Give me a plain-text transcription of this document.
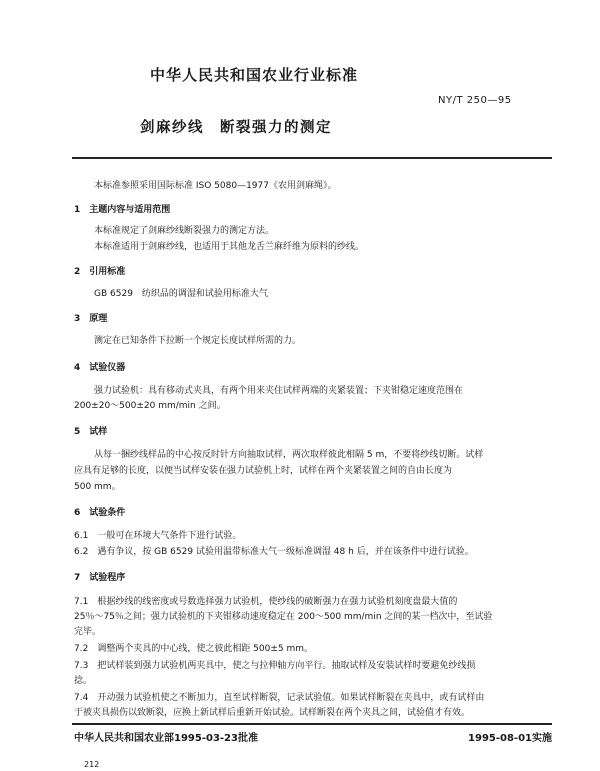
中华人民共和国农业行业标准
NY/T 250—95
剑麻纱线　断裂强力的测定
本标准参照采用国际标准 ISO 5080—1977《农用剑麻绳》。
1　主题内容与适用范围
本标准规定了剑麻纱线断裂强力的测定方法。
本标准适用于剑麻纱线，也适用于其他龙舌兰麻纤维为原料的纱线。
2　引用标准
GB 6529　纺织品的调湿和试验用标准大气
3　原理
测定在已知条件下拉断一个规定长度试样所需的力。
4　试验仪器
强力试验机：具有移动式夹具，有两个用来夹住试样两端的夹紧装置；下夹钳稳定速度范围在
200±20～500±20 mm/min 之间。
5　试样
从每一捆纱线样品的中心按反时针方向抽取试样，两次取样彼此相隔 5 m，不要将纱线切断。试样
应具有足够的长度，以便当试样安装在强力试验机上时，试样在两个夹紧装置之间的自由长度为
500 mm。
6　试验条件
6.1　一般可在环境大气条件下进行试验。
6.2　遇有争议，按 GB 6529 试验用温带标准大气一级标准调湿 48 h 后，并在该条件中进行试验。
7　试验程序
7.1　根据纱线的线密度或号数选择强力试验机，使纱线的破断强力在强力试验机刻度盘最大值的
25％～75％之间；强力试验机的下夹钳移动速度稳定在 200～500 mm/min 之间的某一档次中，至试验
完毕。
7.2　调整两个夹具的中心线，使之彼此相距 500±5 mm。
7.3　把试样装到强力试验机两夹具中，使之与拉伸轴方向平行。抽取试样及安装试样时要避免纱线损
捻。
7.4　开动强力试验机使之不断加力，直至试样断裂，记录试验值。如果试样断裂在夹具中，或有试样由
于被夹具损伤以致断裂，应换上新试样后重新开始试验。试样断裂在两个夹具之间，试验值才有效。
中华人民共和国农业部1995-03-23批准	1995-08-01实施
212
